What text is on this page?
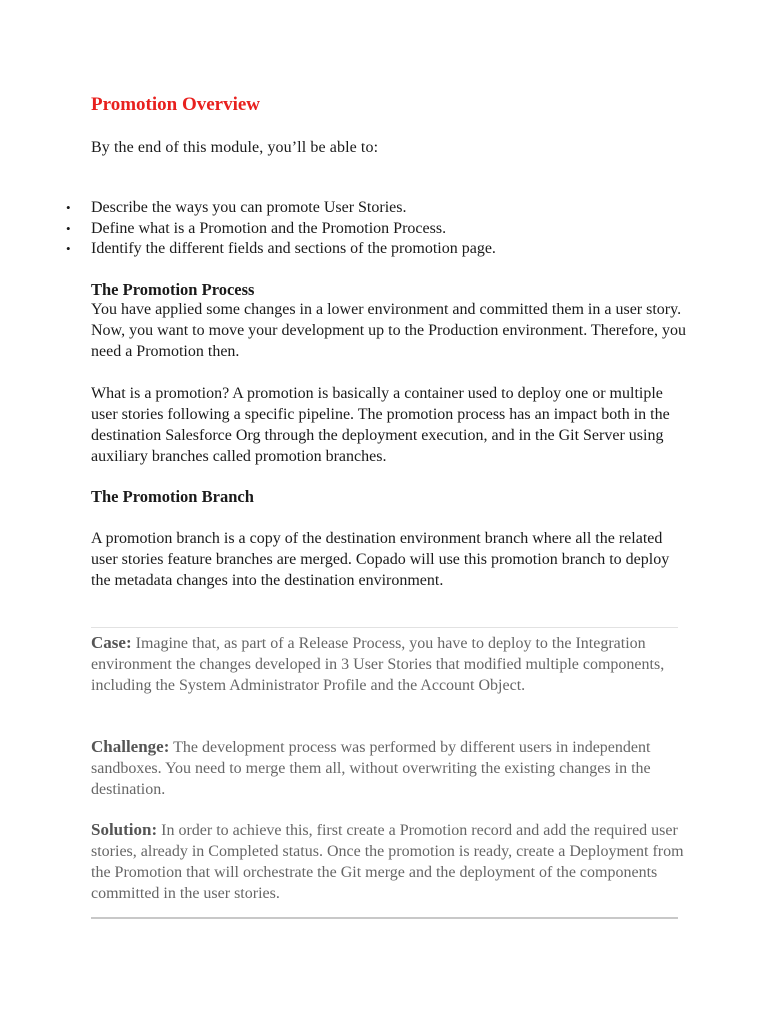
Promotion Overview

By the end of this module, you’ll be able to:

• Describe the ways you can promote User Stories.
• Define what is a Promotion and the Promotion Process.
• Identify the different fields and sections of the promotion page.
The Promotion Process

You have applied some changes in a lower environment and committed them in a user story. Now, you want to move your development up to the Production environment. Therefore, you need a Promotion then.

What is a promotion? A promotion is basically a container used to deploy one or multiple user stories following a specific pipeline. The promotion process has an impact both in the destination Salesforce Org through the deployment execution, and in the Git Server using auxiliary branches called promotion branches.

The Promotion Branch

A promotion branch is a copy of the destination environment branch where all the related user stories feature branches are merged. Copado will use this promotion branch to deploy the metadata changes into the destination environment.

Case: Imagine that, as part of a Release Process, you have to deploy to the Integration environment the changes developed in 3 User Stories that modified multiple components, including the System Administrator Profile and the Account Object.

Challenge: The development process was performed by different users in independent sandboxes. You need to merge them all, without overwriting the existing changes in the destination.

Solution: In order to achieve this, first create a Promotion record and add the required user stories, already in Completed status. Once the promotion is ready, create a Deployment from the Promotion that will orchestrate the Git merge and the deployment of the components committed in the user stories.
